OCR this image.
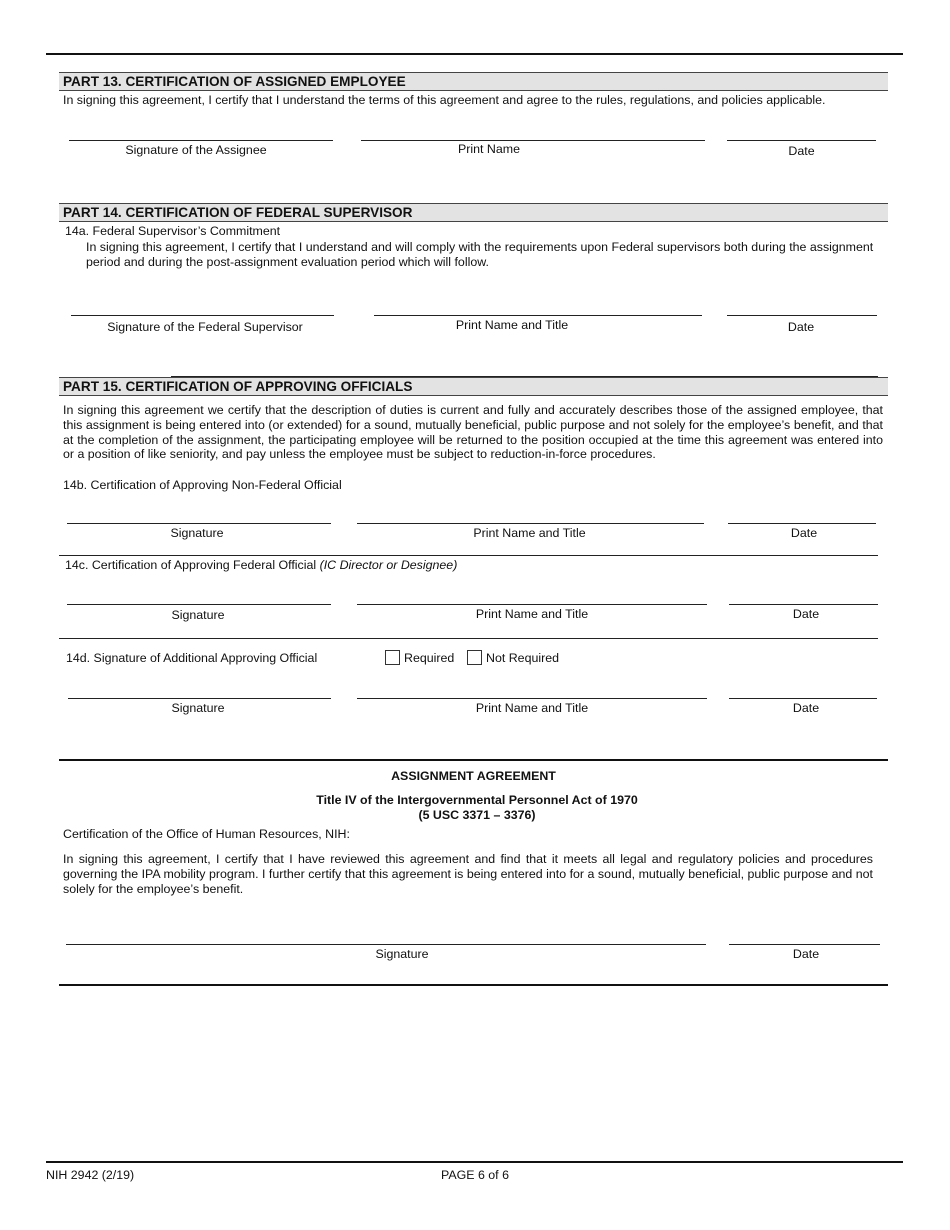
PART 13. CERTIFICATION OF ASSIGNED EMPLOYEE
In signing this agreement, I certify that I understand the terms of this agreement and agree to the rules, regulations, and policies applicable.
Signature of the Assignee	Print Name	Date
PART 14. CERTIFICATION OF FEDERAL SUPERVISOR
14a. Federal Supervisor’s Commitment
In signing this agreement, I certify that I understand and will comply with the requirements upon Federal supervisors both during the assignment period and during the post-assignment evaluation period which will follow.
Signature of the Federal Supervisor	Print Name and Title	Date
PART 15. CERTIFICATION OF APPROVING OFFICIALS
In signing this agreement we certify that the description of duties is current and fully and accurately describes those of the assigned employee, that this assignment is being entered into (or extended) for a sound, mutually beneficial, public purpose and not solely for the employee’s benefit, and that at the completion of the assignment, the participating employee will be returned to the position occupied at the time this agreement was entered into or a position of like seniority, and pay unless the employee must be subject to reduction-in-force procedures.
14b. Certification of Approving Non-Federal Official
Signature	Print Name and Title	Date
14c. Certification of Approving Federal Official (IC Director or Designee)
Signature	Print Name and Title	Date
14d. Signature of Additional Approving Official	Required	Not Required
Signature	Print Name and Title	Date
ASSIGNMENT AGREEMENT
Title IV of the Intergovernmental Personnel Act of 1970
(5 USC 3371 – 3376)
Certification of the Office of Human Resources, NIH:
In signing this agreement, I certify that I have reviewed this agreement and find that it meets all legal and regulatory policies and procedures governing the IPA mobility program. I further certify that this agreement is being entered into for a sound, mutually beneficial, public purpose and not solely for the employee’s benefit.
Signature	Date
NIH 2942 (2/19)	PAGE 6 of 6
